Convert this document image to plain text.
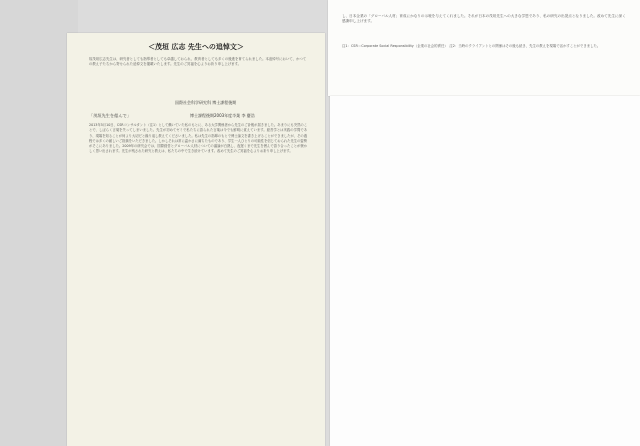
＜茂垣 広志 先生への追悼文＞
故茂垣広志先生は、研究者としても指導者としても卓越しておられ、教育者としても多くの後進を育てられました。本追悼号において、かつての教え子たちから寄せられた追悼文を掲載いたします。先生のご冥福を心よりお祈り申し上げます。
国際社会科学研究科 博士課程後期
「茂垣先生を偲んで」	博士課程後期2003年度卒業 李 慶浩
2013年5月10日、CSRコンサルタント（注1）として働いていた私のもとに、ある大学関係者から先生のご訃報が届きました。あまりにも突然のことで、しばらく言葉を失ってしまいました。先生が初めてゼミで私たちに語られた言葉は今でも鮮明に覚えています。経営学とは実践の学問であり、現場を知ることが何より大切だと繰り返し教えてくださいました。私は先生の指導のもとで博士論文を書き上げることができましたが、その過程では多くの厳しいご指摘をいただきました。しかしそれは常に温かさに満ちたものであり、学生一人ひとりの可能性を信じておられた先生の姿勢がそこにありました。2009年の研究会では、国際経営とグローバル人材についての議論が白熱し、夜遅くまで先生を囲んで語り合ったことが懐かしく思い出されます。先生が残された研究と教えは、私たちの中で生き続けています。改めて先生のご冥福を心よりお祈り申し上げます。
し、日本企業の「グローバル人材」育成にかなりの示唆を与えてくれました。それが日本の茂垣先生への大きな学恩であり、私の研究の出発点となりました。改めて先生に深く感謝申し上げます。
注1：CSR＝Corporate Social Responsibility（企業の社会的責任）　注2：当時のクライアントとの関係はその後も続き、先生の教えを現場で活かすことができました。
